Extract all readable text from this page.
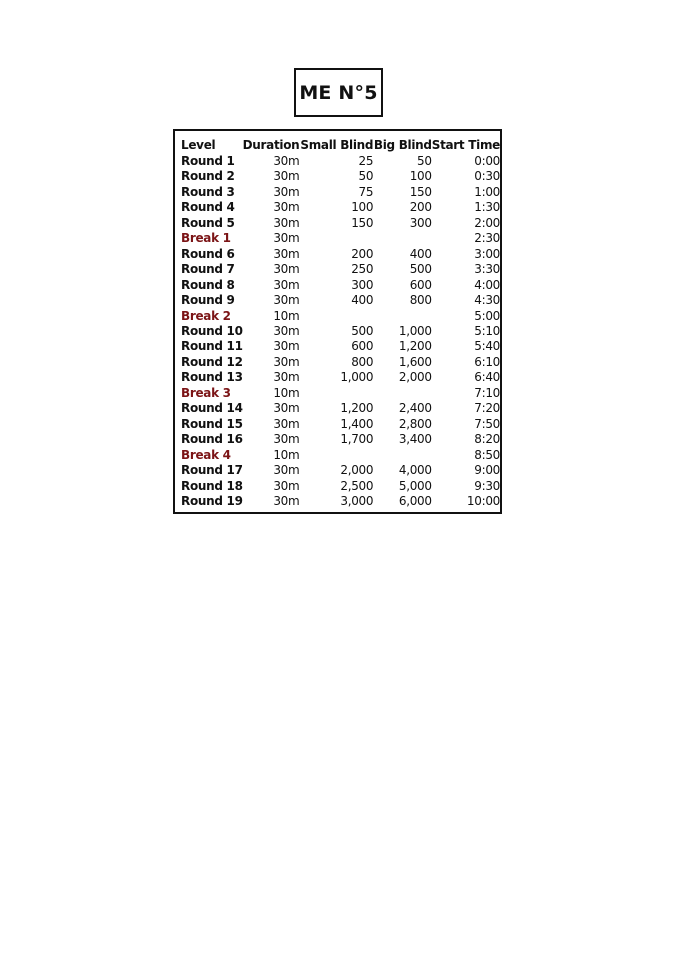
ME N°5
Level	Duration	Small Blind	Big Blind	Start Time
Round 1	30m	25	50	0:00
Round 2	30m	50	100	0:30
Round 3	30m	75	150	1:00
Round 4	30m	100	200	1:30
Round 5	30m	150	300	2:00
Break 1	30m			2:30
Round 6	30m	200	400	3:00
Round 7	30m	250	500	3:30
Round 8	30m	300	600	4:00
Round 9	30m	400	800	4:30
Break 2	10m			5:00
Round 10	30m	500	1,000	5:10
Round 11	30m	600	1,200	5:40
Round 12	30m	800	1,600	6:10
Round 13	30m	1,000	2,000	6:40
Break 3	10m			7:10
Round 14	30m	1,200	2,400	7:20
Round 15	30m	1,400	2,800	7:50
Round 16	30m	1,700	3,400	8:20
Break 4	10m			8:50
Round 17	30m	2,000	4,000	9:00
Round 18	30m	2,500	5,000	9:30
Round 19	30m	3,000	6,000	10:00
